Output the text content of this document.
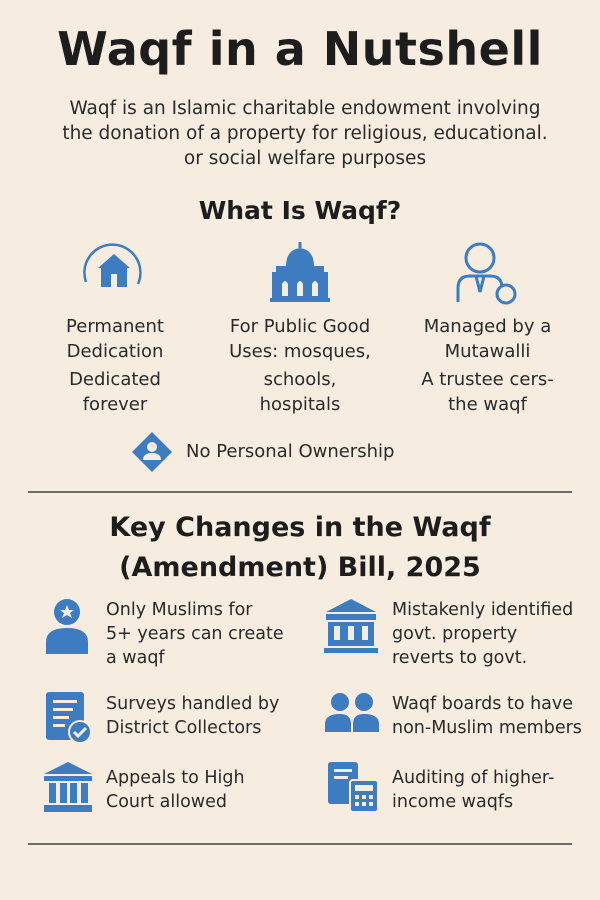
Waqf in a Nutshell
Waqf is an Islamic charitable endowment involving
the donation of a property for religious, educational.
or social welfare purposes
What Is Waqf?
Permanent
Dedication
Dedicated
forever
For Public Good
Uses: mosques,
schools,
hospitals
Managed by a
Mutawalli
A trustee cers-
the waqf
No Personal Ownership
Key Changes in the Waqf
(Amendment) Bill, 2025
Only Muslims for
5+ years can create
a waqf
Mistakenly identified
govt. property
reverts to govt.
Surveys handled by
District Collectors
Waqf boards to have
non-Muslim members
Appeals to High
Court allowed
Auditing of higher-
income waqfs
